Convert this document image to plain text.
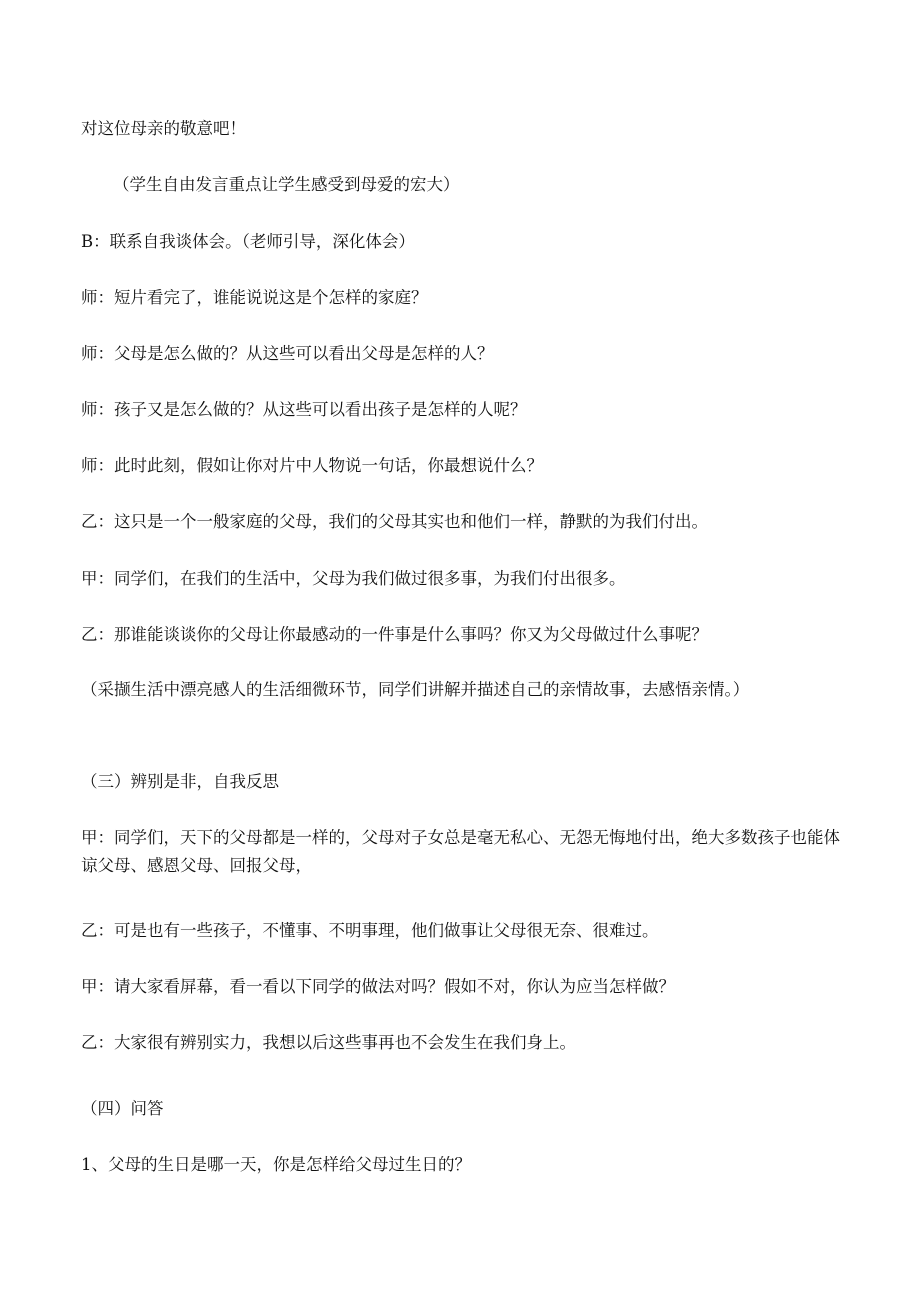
对这位母亲的敬意吧！
（学生自由发言重点让学生感受到母爱的宏大）
B：联系自我谈体会。（老师引导，深化体会）
师：短片看完了，谁能说说这是个怎样的家庭？
师：父母是怎么做的？从这些可以看出父母是怎样的人？
师：孩子又是怎么做的？从这些可以看出孩子是怎样的人呢？
师：此时此刻，假如让你对片中人物说一句话，你最想说什么？
乙：这只是一个一般家庭的父母，我们的父母其实也和他们一样，静默的为我们付出。
甲：同学们，在我们的生活中，父母为我们做过很多事，为我们付出很多。
乙：那谁能谈谈你的父母让你最感动的一件事是什么事吗？你又为父母做过什么事呢？
（采撷生活中漂亮感人的生活细微环节，同学们讲解并描述自己的亲情故事，去感悟亲情。）
（三）辨别是非，自我反思
甲：同学们，天下的父母都是一样的，父母对子女总是毫无私心、无怨无悔地付出，绝大多数孩子也能体谅父母、感恩父母、回报父母，
乙：可是也有一些孩子，不懂事、不明事理，他们做事让父母很无奈、很难过。
甲：请大家看屏幕，看一看以下同学的做法对吗？假如不对，你认为应当怎样做？
乙：大家很有辨别实力，我想以后这些事再也不会发生在我们身上。
（四）问答
1、父母的生日是哪一天，你是怎样给父母过生日的？
